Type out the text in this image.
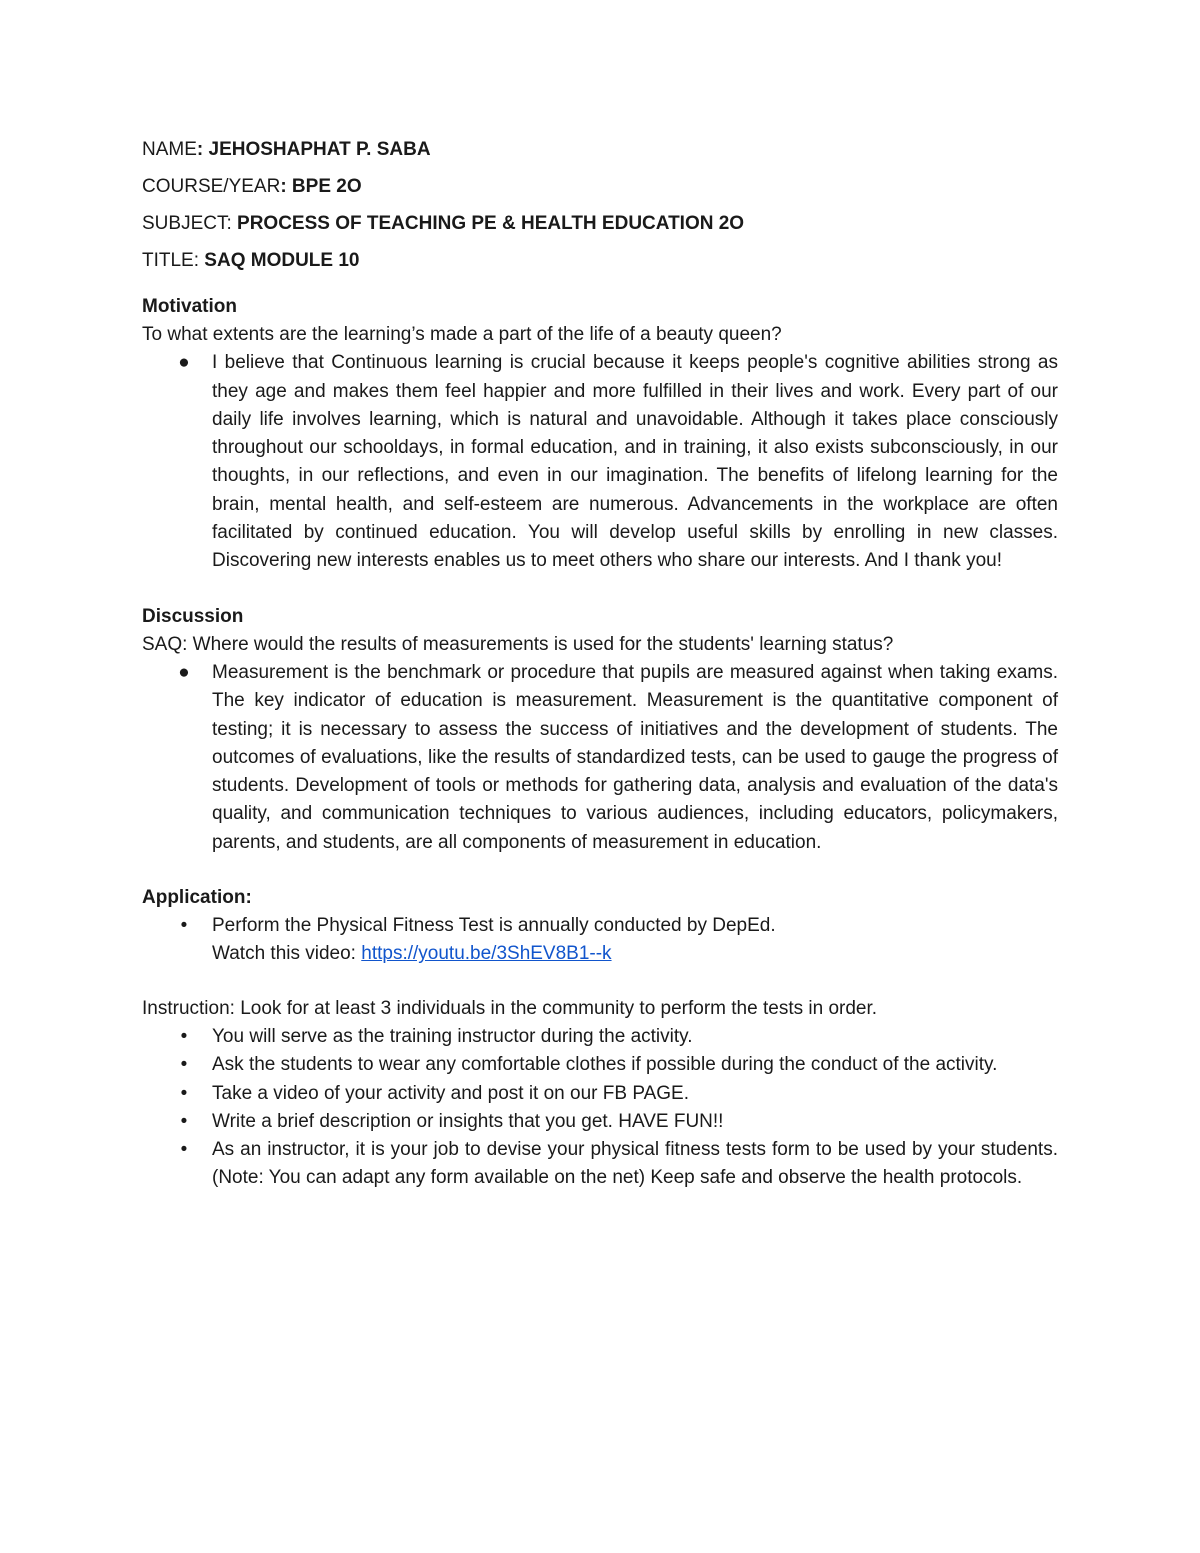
NAME: JEHOSHAPHAT P. SABA
COURSE/YEAR: BPE 2O
SUBJECT: PROCESS OF TEACHING PE & HEALTH EDUCATION 2O
TITLE: SAQ MODULE 10

Motivation

To what extents are the learning’s made a part of the life of a beauty queen?

● I believe that Continuous learning is crucial because it keeps people's cognitive abilities strong as they age and makes them feel happier and more fulfilled in their lives and work. Every part of our daily life involves learning, which is natural and unavoidable. Although it takes place consciously throughout our schooldays, in formal education, and in training, it also exists subconsciously, in our thoughts, in our reflections, and even in our imagination. The benefits of lifelong learning for the brain, mental health, and self-esteem are numerous. Advancements in the workplace are often facilitated by continued education. You will develop useful skills by enrolling in new classes. Discovering new interests enables us to meet others who share our interests. And I thank you!

Discussion

SAQ: Where would the results of measurements is used for the students' learning status?

● Measurement is the benchmark or procedure that pupils are measured against when taking exams. The key indicator of education is measurement. Measurement is the quantitative component of testing; it is necessary to assess the success of initiatives and the development of students. The outcomes of evaluations, like the results of standardized tests, can be used to gauge the progress of students. Development of tools or methods for gathering data, analysis and evaluation of the data's quality, and communication techniques to various audiences, including educators, policymakers, parents, and students, are all components of measurement in education.

Application:

•	Perform the Physical Fitness Test is annually conducted by DepEd.
Watch this video: https://youtu.be/3ShEV8B1--k

Instruction: Look for at least 3 individuals in the community to perform the tests in order.

•	You will serve as the training instructor during the activity.
•	Ask the students to wear any comfortable clothes if possible during the conduct of the activity.
•	Take a video of your activity and post it on our FB PAGE.
•	Write a brief description or insights that you get. HAVE FUN!!
•	As an instructor, it is your job to devise your physical fitness tests form to be used by your students. (Note: You can adapt any form available on the net) Keep safe and observe the health protocols.
